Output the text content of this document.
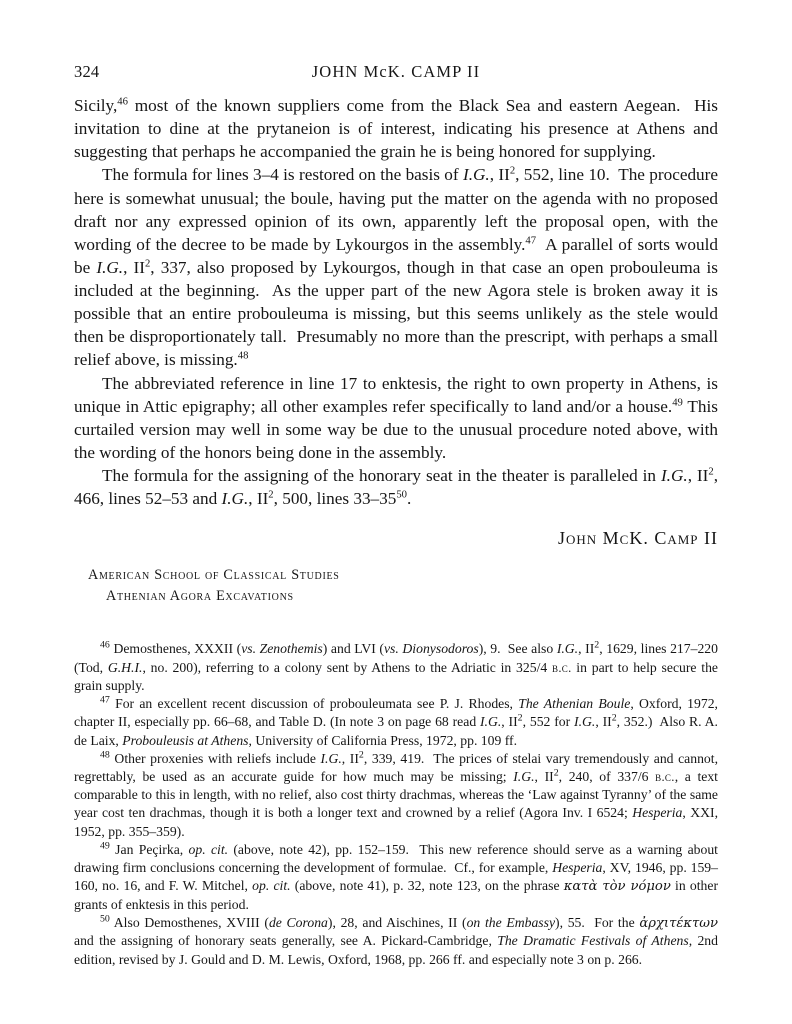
324	JOHN McK. CAMP II

Sicily,$^{46}$ most of the known suppliers come from the Black Sea and eastern Aegean.  His invitation to dine at the prytaneion is of interest, indicating his presence at Athens and suggesting that perhaps he accompanied the grain he is being honored for supplying.

The formula for lines 3–4 is restored on the basis of I.G., $II^2$, 552, line 10.  The procedure here is somewhat unusual; the boule, having put the matter on the agenda with no proposed draft nor any expressed opinion of its own, apparently left the proposal open, with the wording of the decree to be made by Lykourgos in the assembly.$^{47}$  A parallel of sorts would be I.G., $II^2$, 337, also proposed by Lykourgos, though in that case an open probouleuma is included at the beginning.  As the upper part of the new Agora stele is broken away it is possible that an entire probouleuma is missing, but this seems unlikely as the stele would then be disproportionately tall.  Presumably no more than the prescript, with perhaps a small relief above, is missing.$^{48}$

The abbreviated reference in line 17 to enktesis, the right to own property in Athens, is unique in Attic epigraphy; all other examples refer specifically to land and/or a house.$^{49}$ This curtailed version may well in some way be due to the unusual procedure noted above, with the wording of the honors being done in the assembly.

The formula for the assigning of the honorary seat in the theater is paralleled in I.G., $II^2$, 466, lines 52–53 and I.G., $II^2$, 500, lines $33-35^{50}$.

John McK. Camp II
American School of Classical Studies
Athenian Agora Excavations

$^{46}$ Demosthenes, XXXII (vs. Zenothemis) and LVI (vs. Dionysodoros), 9.  See also I.G., $II^2$, 1629, lines 217–220 (Tod, G.H.I., no. 200), referring to a colony sent by Athens to the Adriatic in 325/4 b.c. in part to help secure the grain supply.

$^{47}$ For an excellent recent discussion of probouleumata see P. J. Rhodes, The Athenian Boule, Oxford, 1972, chapter II, especially pp. 66–68, and Table D. (In note 3 on page 68 read I.G., $II^2$, 552 for I.G., $II^2$, 352.)  Also R. A. de Laix, Probouleusis at Athens, University of California Press, 1972, pp. 109 ff.

$^{48}$ Other proxenies with reliefs include I.G., $II^2$, 339, 419.  The prices of stelai vary tremendously and cannot, regrettably, be used as an accurate guide for how much may be missing; I.G., $II^2$, 240, of 337/6 b.c., a text comparable to this in length, with no relief, also cost thirty drachmas, whereas the ‘Law against Tyranny’ of the same year cost ten drachmas, though it is both a longer text and crowned by a relief (Agora Inv. I 6524; Hesperia, XXI, 1952, pp. 355–359).

$^{49}$ Jan Peçirka, op. cit. (above, note 42), pp. 152–159.  This new reference should serve as a warning about drawing firm conclusions concerning the development of formulae.  Cf., for example, Hesperia, XV, 1946, pp. 159–160, no. 16, and F. W. Mitchel, op. cit. (above, note 41), p. 32, note 123, on the phrase κατὰ τὸν νόμον in other grants of enktesis in this period.

$^{50}$ Also Demosthenes, XVIII (de Corona), 28, and Aischines, II (on the Embassy), 55.  For the ἀρχιτέκτων and the assigning of honorary seats generally, see A. Pickard-Cambridge, The Dramatic Festivals of Athens, 2nd edition, revised by J. Gould and D. M. Lewis, Oxford, 1968, pp. 266 ff. and especially note 3 on p. 266.
